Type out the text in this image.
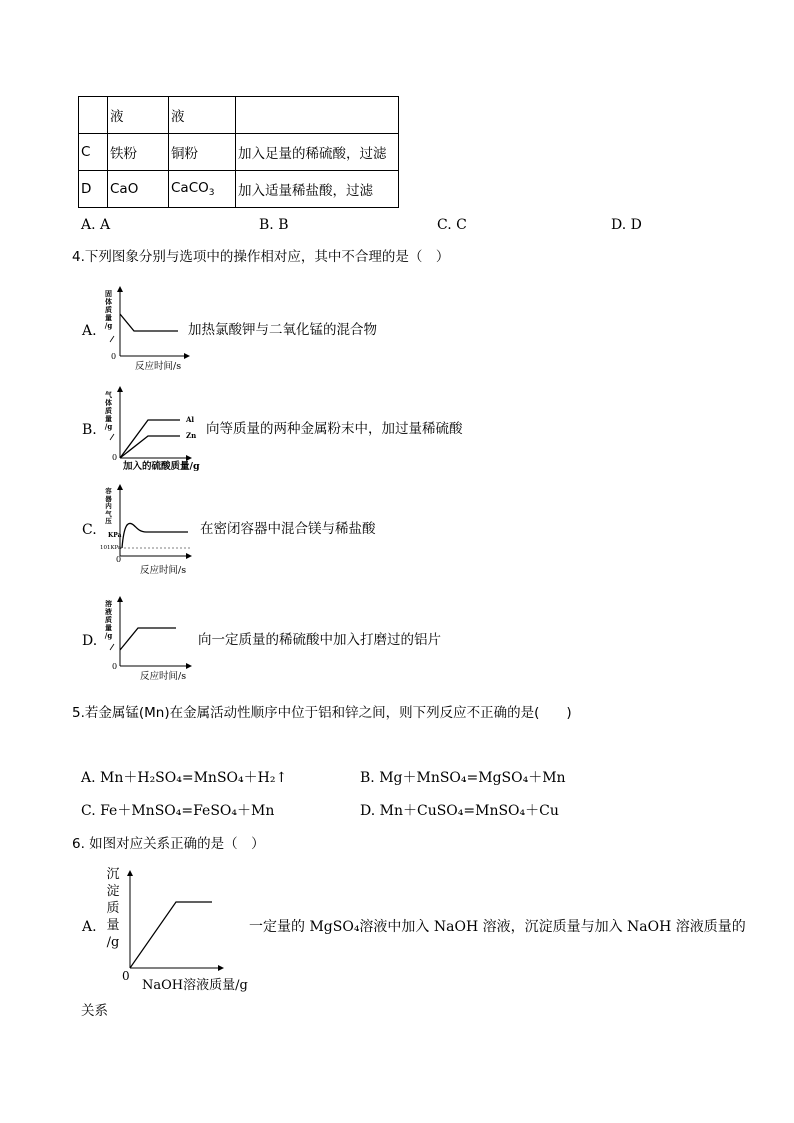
	液	液	
C	铁粉	铜粉	加入足量的稀硫酸，过滤
D	CaO	CaCO$_3$	加入适量稀盐酸，过滤
A. A	B. B	C. C	D. D
4.下列图象分别与选项中的操作相对应，其中不合理的是（　）
A.
固
体
质
量
/g
0
反应时间/s
加热氯酸钾与二氧化锰的混合物
B.
气
体
质
量
/g
Al
Zn
0
加入的硫酸质量/g
向等质量的两种金属粉末中，加过量稀硫酸
C.
容
器
内
气
压
KPa
101KPa
0
反应时间/s
在密闭容器中混合镁与稀盐酸
D.
溶
液
质
量
/g
0
反应时间/s
向一定质量的稀硫酸中加入打磨过的铝片
5.若金属锰(Mn)在金属活动性顺序中位于铝和锌之间，则下列反应不正确的是(　　)
A. Mn＋H₂SO₄=MnSO₄＋H₂↑	B. Mg＋MnSO₄=MgSO₄＋Mn
C. Fe＋MnSO₄=FeSO₄＋Mn	D. Mn＋CuSO₄=MnSO₄＋Cu
6. 如图对应关系正确的是（　）
A.
沉
淀
质
量
/g
0
NaOH溶液质量/g
一定量的 MgSO₄溶液中加入 NaOH 溶液，沉淀质量与加入 NaOH 溶液质量的
关系
